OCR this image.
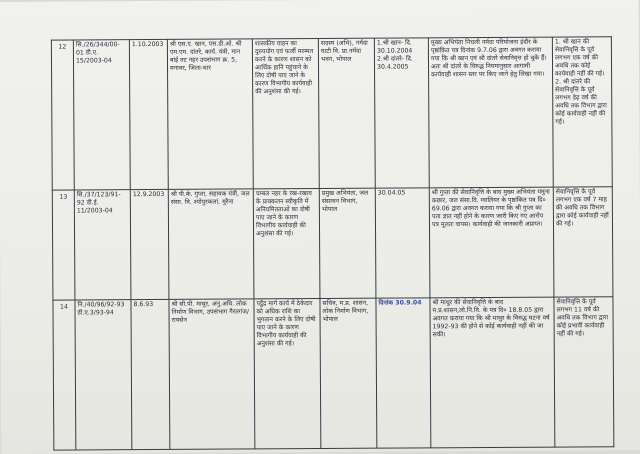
12	सि./26/344/00-01 डी.ए. 15/2003-04	1.10.2003	श्री एस.ए. खान, एस.डी.ओ. श्री एम.एम. दांतरे, कार्य. यंत्री, मान बांई तट नहर उपसंभाग क्र. 5, मनावर, जिला-धार	शासकीय वाहन का दुरुपयोग एवं फर्जी मरम्मत करने के कारण शासन को आर्थिक हानि पहुंचाने के लिए दोषी पाए जाने के कारण विभागीय कार्यवाही की अनुशंसा की गई।	सदस्य (अभि), नर्मदा घाटी वि. प्रा.नर्मदा भवन, भोपाल	1.श्री खान- दि. 30.10.2004 2.श्री दांतरे- दि. 30.4.2005	मुख्य अभियंता निचली नर्मदा परियोजना इंदौर के पृष्ठांकित पत्र दिनांक 9.7.06 द्वारा अवगत कराया गया कि श्री खान एवं श्री दांतरे सेवानिवृत्त हो चुके हैं। अतः श्री दांतरे के विरुद्ध नियमानुसार आगामी कार्यवाही शासन स्तर पर किए जाने हेतु लिखा गया।	1. श्री खान की सेवानिवृत्ति के पूर्व लगभग एक वर्ष की अवधि तक कोई कार्यवाही नहीं की गई। 2. श्री दांतरे की सेवानिवृत्ति के पूर्व लगभग डेढ़ वर्ष की अवधि तक विभाग द्वारा कोई कार्यवाही नहीं की गई।
13	सि./37/123/91-92 डी.ई. 11/2003-04	12.9.2003	श्री पी.के. गुप्ता, सहायक यंत्री, जल संसा. वि. श्योपुरकलां, मुरैना	चम्बल नहर के रख-रखाव के प्राक्कलन स्वीकृति में अनियमितताओं का दोषी पाए जाने के कारण विभागीय कार्यवाही की अनुशंसा की गई।	प्रमुख अभियंता, जल संसाधन विभाग, भोपाल	30.04.05	श्री गुप्ता की सेवानिवृत्ति के बाद मुख्य अभियंता यमुना कछार, जल संसा.वि. ग्वालियर के पृष्ठांकित पत्र दि० 69.06 द्वारा अवगत कराया गया कि श्री गुप्ता का पता ज्ञात नहीं होने के कारण जारी किए गए आरोप पत्र मूलतः वापस। कार्यवाही की जानकारी अप्राप्त।	सेवानिवृत्ति के पूर्व लगभग एक वर्ष 7 माह की अवधि तक विभाग द्वारा कोई कार्यवाही नहीं की गई।
14	नि./40/96/92-93 डी.ए.3/93-94	8.6.93	श्री सी.पी. माथुर, अनु.अधि. लोक निर्माण विभाग, उपसंभाग गैरतगंज/रायसेन	पट्ठेंद्र मार्ग कार्य में ठेकेदार को अधिक राशि का भुगतान करने के लिए दोषी पाए जाने के कारण विभागीय कार्यवाही की अनुशंसा की गई।	सचिव, म.प्र. शासन, लोक निर्माण विभाग, भोपाल	दिनांक 30.9.04	श्री माथुर की सेवानिवृत्ति के बाद म.प्र.शासन,लो.नि.वि. के पत्र दि० 18.8.05 द्वारा अवगत कराया गया कि श्री माथुर के विरुद्ध घटना वर्ष 1992-93 की होने से कोई कार्यवाही नहीं की जा सकी।	सेवानिवृत्ति के पूर्व लगभग 11 वर्ष की अवधि तक विभाग द्वारा कोई प्रभावी कार्यवाही नहीं की गई।
